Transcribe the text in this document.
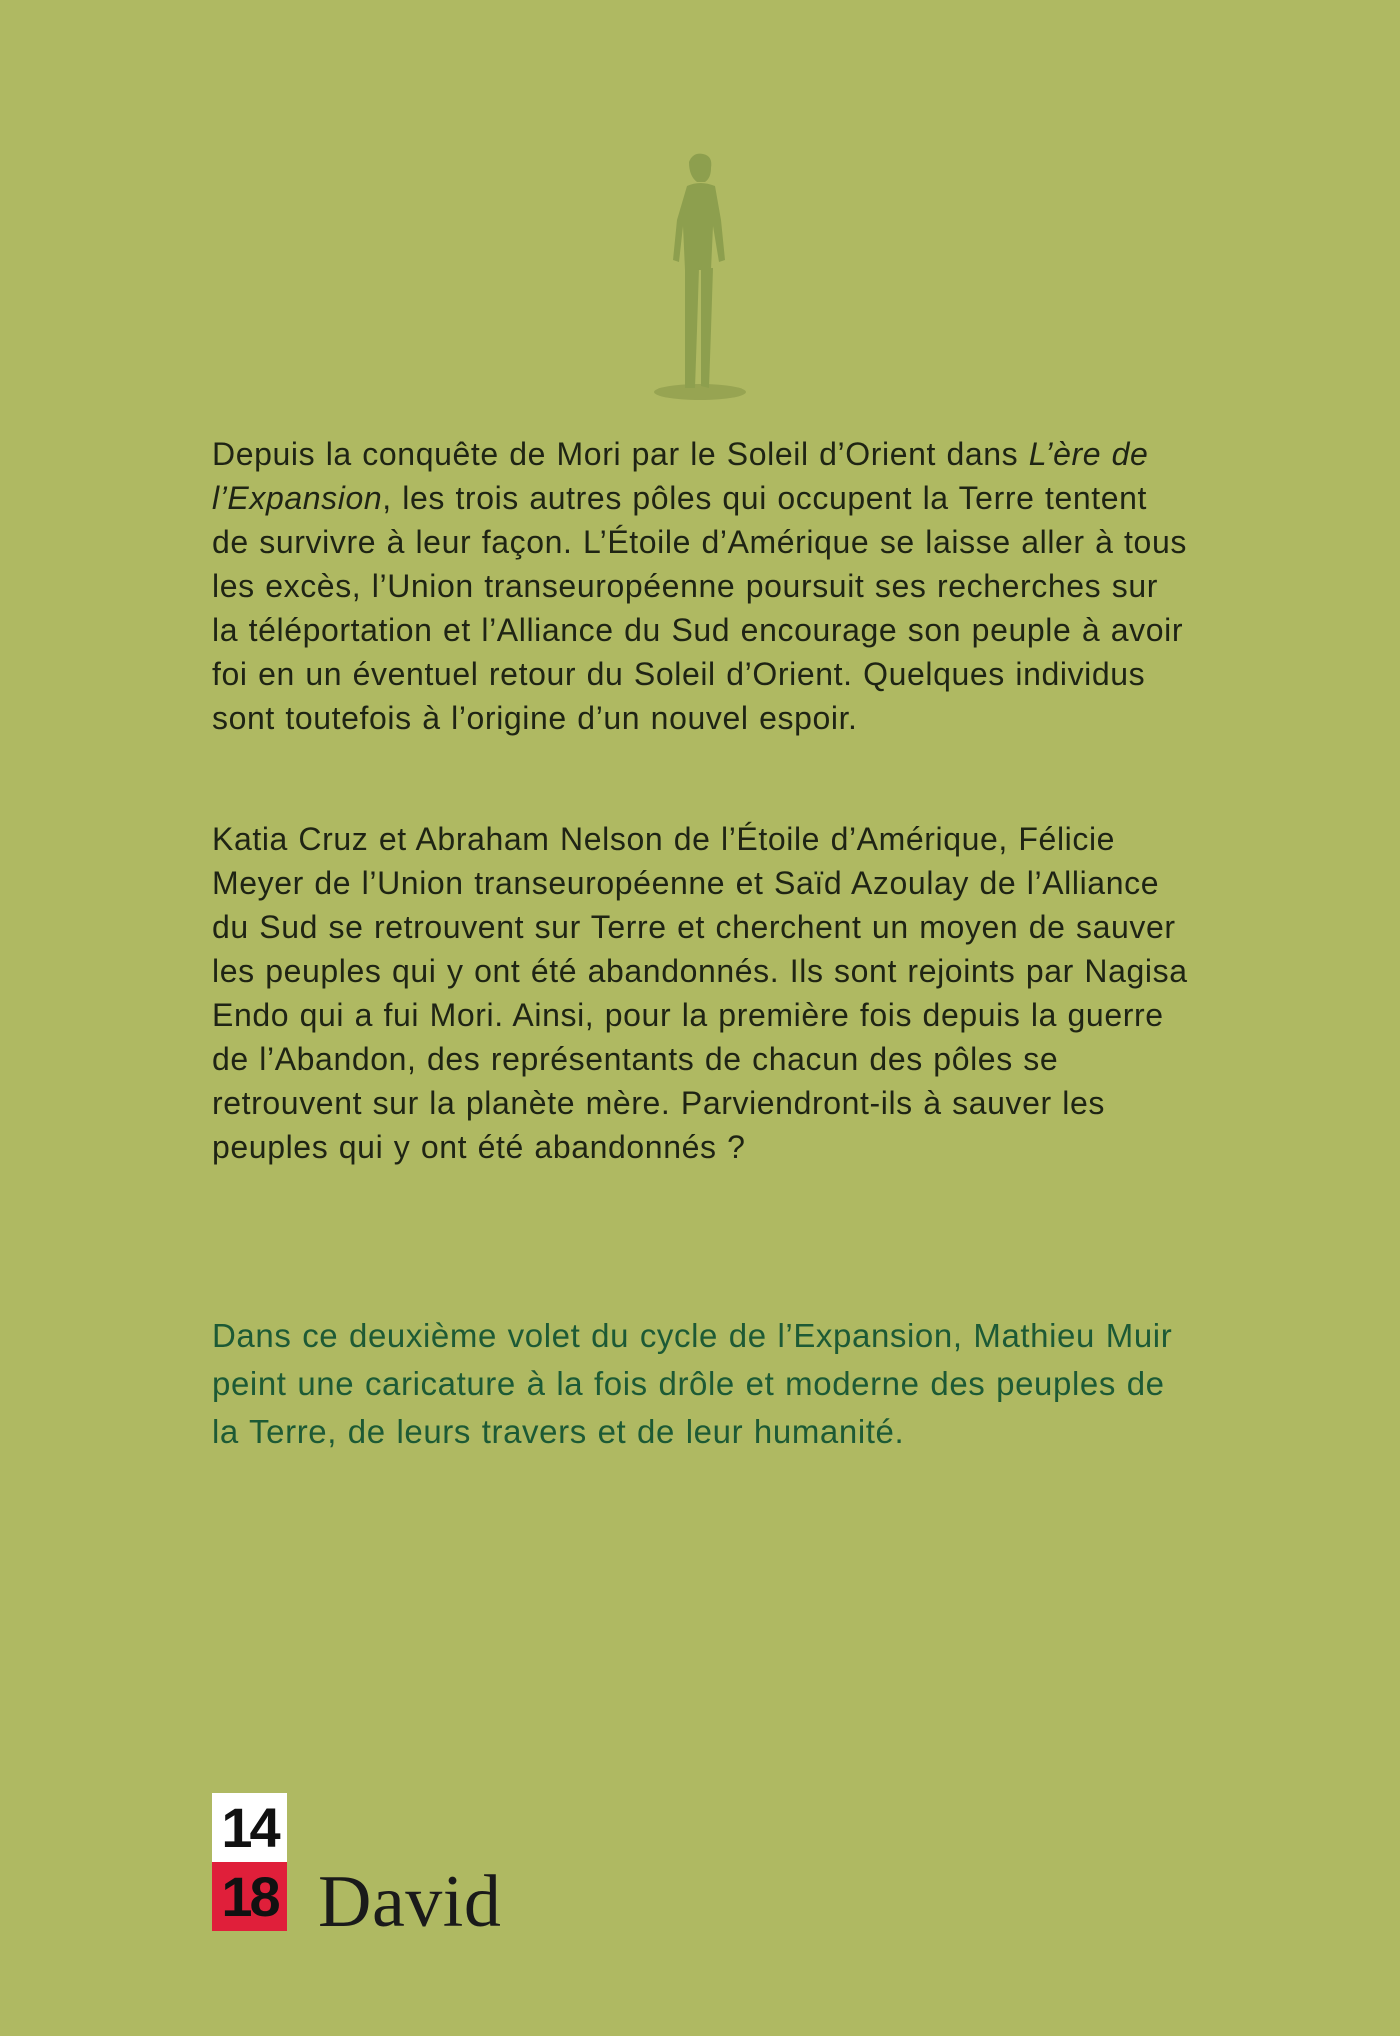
Depuis la conquête de Mori par le Soleil d’Orient dans L’ère de l’Expansion, les trois autres pôles qui occupent la Terre tentent de survivre à leur façon. L’Étoile d’Amérique se laisse aller à tous les excès, l’Union transeuropéenne poursuit ses recherches sur la téléportation et l’Alliance du Sud encourage son peuple à avoir foi en un éventuel retour du Soleil d’Orient. Quelques individus sont toutefois à l’origine d’un nouvel espoir.

Katia Cruz et Abraham Nelson de l’Étoile d’Amérique, Félicie Meyer de l’Union transeuropéenne et Saïd Azoulay de l’Alliance du Sud se retrouvent sur Terre et cherchent un moyen de sauver les peuples qui y ont été abandonnés. Ils sont rejoints par Nagisa Endo qui a fui Mori. Ainsi, pour la première fois depuis la guerre de l’Abandon, des représentants de chacun des pôles se retrouvent sur la planète mère. Parviendront-ils à sauver les peuples qui y ont été abandonnés ?

Dans ce deuxième volet du cycle de l’Expansion, Mathieu Muir peint une caricature à la fois drôle et moderne des peuples de la Terre, de leurs travers et de leur humanité.

14
18 David
